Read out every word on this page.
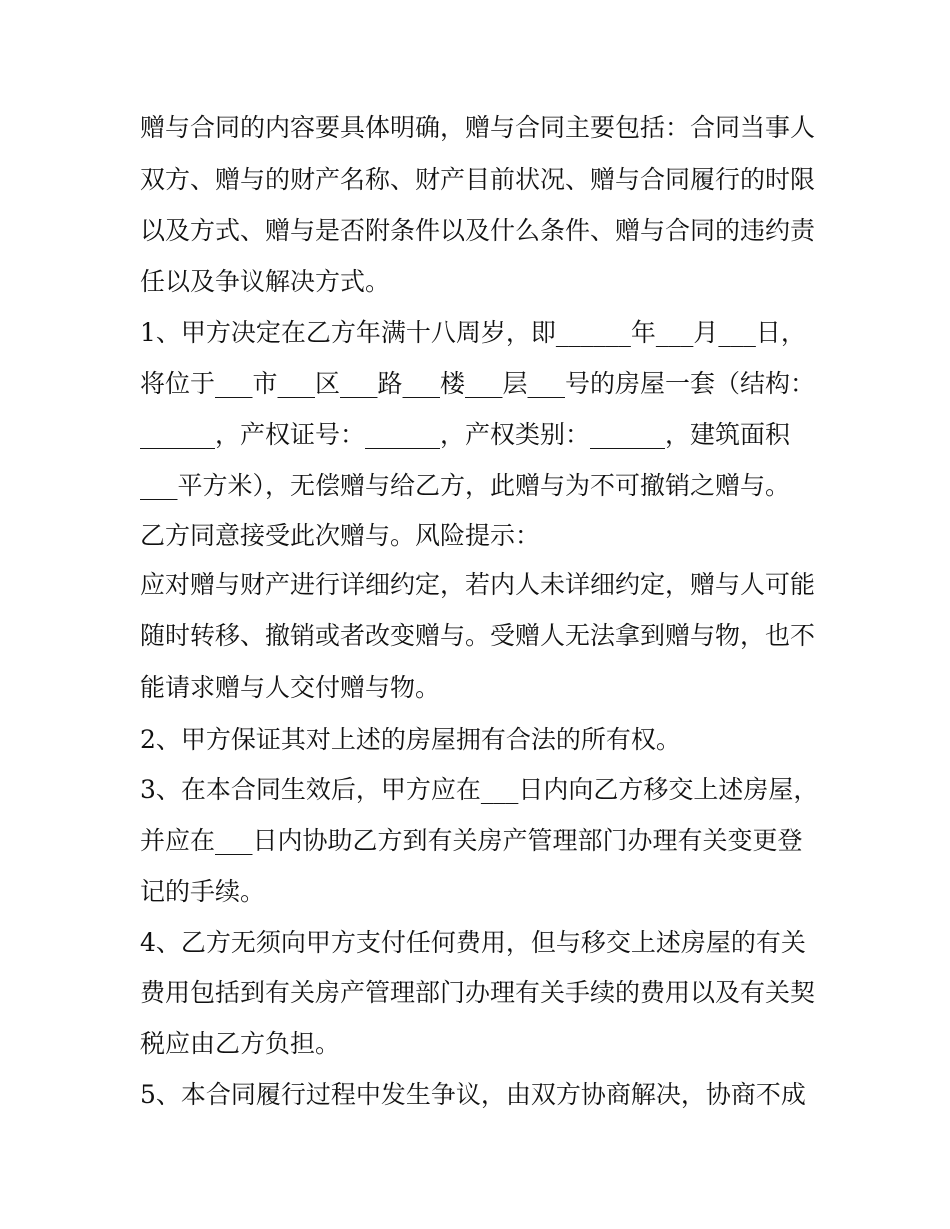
赠与合同的内容要具体明确，赠与合同主要包括：合同当事人
双方、赠与的财产名称、财产目前状况、赠与合同履行的时限
以及方式、赠与是否附条件以及什么条件、赠与合同的违约责
任以及争议解决方式。
1、甲方决定在乙方年满十八周岁，即______年___月___日，
将位于___市___区___路___楼___层___号的房屋一套（结构：
______，产权证号：______，产权类别：______，建筑面积
___平方米），无偿赠与给乙方，此赠与为不可撤销之赠与。
乙方同意接受此次赠与。风险提示：
应对赠与财产进行详细约定，若内人未详细约定，赠与人可能
随时转移、撤销或者改变赠与。受赠人无法拿到赠与物，也不
能请求赠与人交付赠与物。
2、甲方保证其对上述的房屋拥有合法的所有权。
3、在本合同生效后，甲方应在___日内向乙方移交上述房屋，
并应在___日内协助乙方到有关房产管理部门办理有关变更登
记的手续。
4、乙方无须向甲方支付任何费用，但与移交上述房屋的有关
费用包括到有关房产管理部门办理有关手续的费用以及有关契
税应由乙方负担。
5、本合同履行过程中发生争议，由双方协商解决，协商不成
